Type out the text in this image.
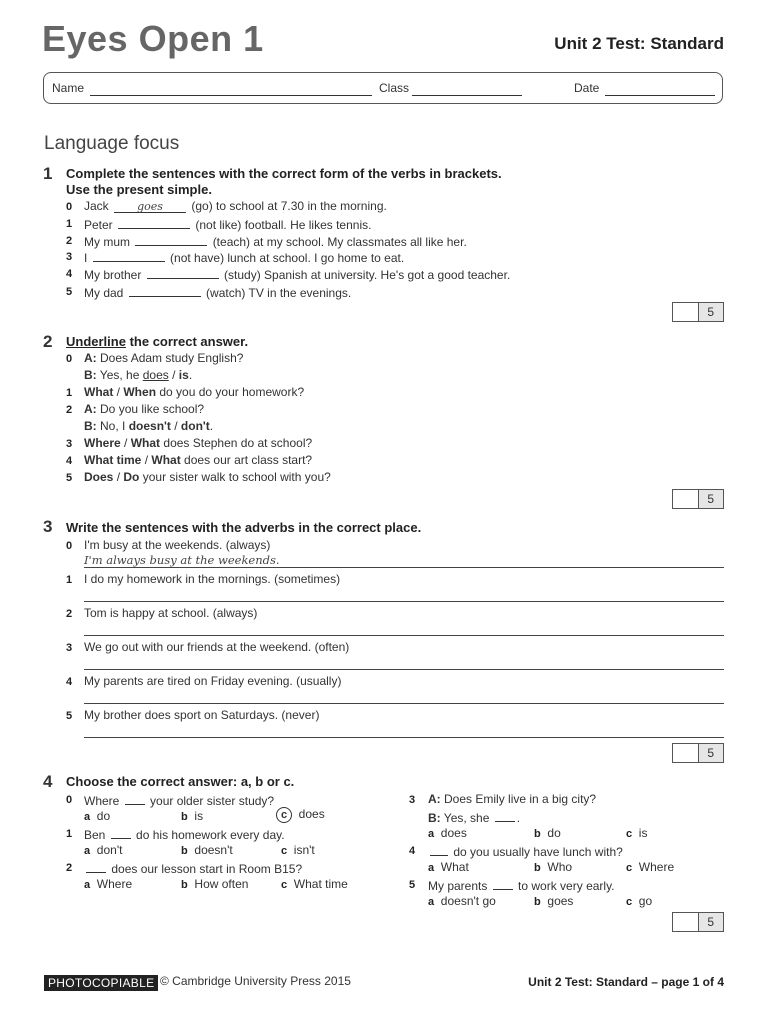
Eyes Open 1	Unit 2 Test: Standard
Name	Class	Date
Language focus
1 Complete the sentences with the correct form of the verbs in brackets.
Use the present simple.
0 Jack	goes (go) to school at 7.30 in the morning.
1 Peter	(not like) football. He likes tennis.
2 My mum	(teach) at my school. My classmates all like her.
3 I	(not have) lunch at school. I go home to eat.
4 My brother	(study) Spanish at university. He's got a good teacher.
5 My dad	(watch) TV in the evenings.
5
2 Underline the correct answer.
0 A: Does Adam study English?
B: Yes, he does / is.
1 What / When do you do your homework?
2 A: Do you like school?
B: No, I doesn't / don't.
3 Where / What does Stephen do at school?
4 What time / What does our art class start?
5 Does / Do your sister walk to school with you?
5
3 Write the sentences with the adverbs in the correct place.
0 I'm busy at the weekends. (always)
I'm always busy at the weekends.
1 I do my homework in the mornings. (sometimes)
2 Tom is happy at school. (always)
3 We go out with our friends at the weekend. (often)
4 My parents are tired on Friday evening. (usually)
5 My brother does sport on Saturdays. (never)
5
4 Choose the correct answer: a, b or c.
0 Where	your older sister study?
a do	b is	c does
1 Ben	do his homework every day.
a don't	b doesn't	c isn't
2	does our lesson start in Room B15?
a Where	b How often	c What time
3 A: Does Emily live in a big city?
B: Yes, she .
a does	b do	c is
4	do you usually have lunch with?
a What	b Who	c Where
5 My parents	to work very early.
a doesn't go	b goes	c go
5
PHOTOCOPIABLE © Cambridge University Press 2015	Unit 2 Test: Standard – page 1 of 4
